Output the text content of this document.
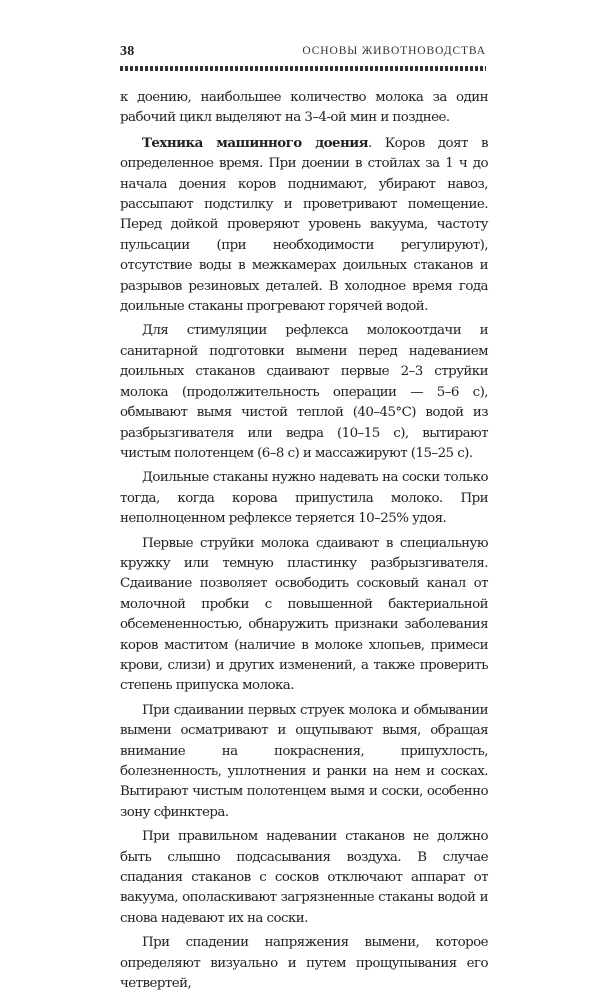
38	ОСНОВЫ ЖИВОТНОВОДСТВА

к доению, наибольшее количество молока за один рабочий цикл выделяют на 3–4-ой мин и позднее.

Техника машинного доения. Коров доят в определенное время. При доении в стойлах за 1 ч до начала доения коров поднимают, убирают навоз, рассыпают подстилку и проветривают помещение. Перед дойкой проверяют уровень вакуума, частоту пульсации (при необходимости регулируют), отсутствие воды в межкамерах доильных стаканов и разрывов резиновых деталей. В холодное время года доильные стаканы прогревают горячей водой.

Для стимуляции рефлекса молокоотдачи и санитарной подготовки вымени перед надеванием доильных стаканов сдаивают первые 2–3 струйки молока (продолжительность операции — 5–6 с), обмывают вымя чистой теплой (40–45°С) водой из разбрызгивателя или ведра (10–15 с), вытирают чистым полотенцем (6–8 с) и массажируют (15–25 с).

Доильные стаканы нужно надевать на соски только тогда, когда корова припустила молоко. При неполноценном рефлексе теряется 10–25% удоя.

Первые струйки молока сдаивают в специальную кружку или темную пластинку разбрызгивателя. Сдаивание позволяет освободить сосковый канал от молочной пробки с повышенной бактериальной обсемененностью, обнаружить признаки заболевания коров маститом (наличие в молоке хлопьев, примеси крови, слизи) и других изменений, а также проверить степень припуска молока.

При сдаивании первых струек молока и обмывании вымени осматривают и ощупывают вымя, обращая внимание на покраснения, припухлость, болезненность, уплотнения и ранки на нем и сосках. Вытирают чистым полотенцем вымя и соски, особенно зону сфинктера.

При правильном надевании стаканов не должно быть слышно подсасывания воздуха. В случае спадания стаканов с сосков отключают аппарат от вакуума, ополаскивают загрязненные стаканы водой и снова надевают их на соски.

При спадении напряжения вымени, которое определяют визуально и путем прощупывания его четвертей,
